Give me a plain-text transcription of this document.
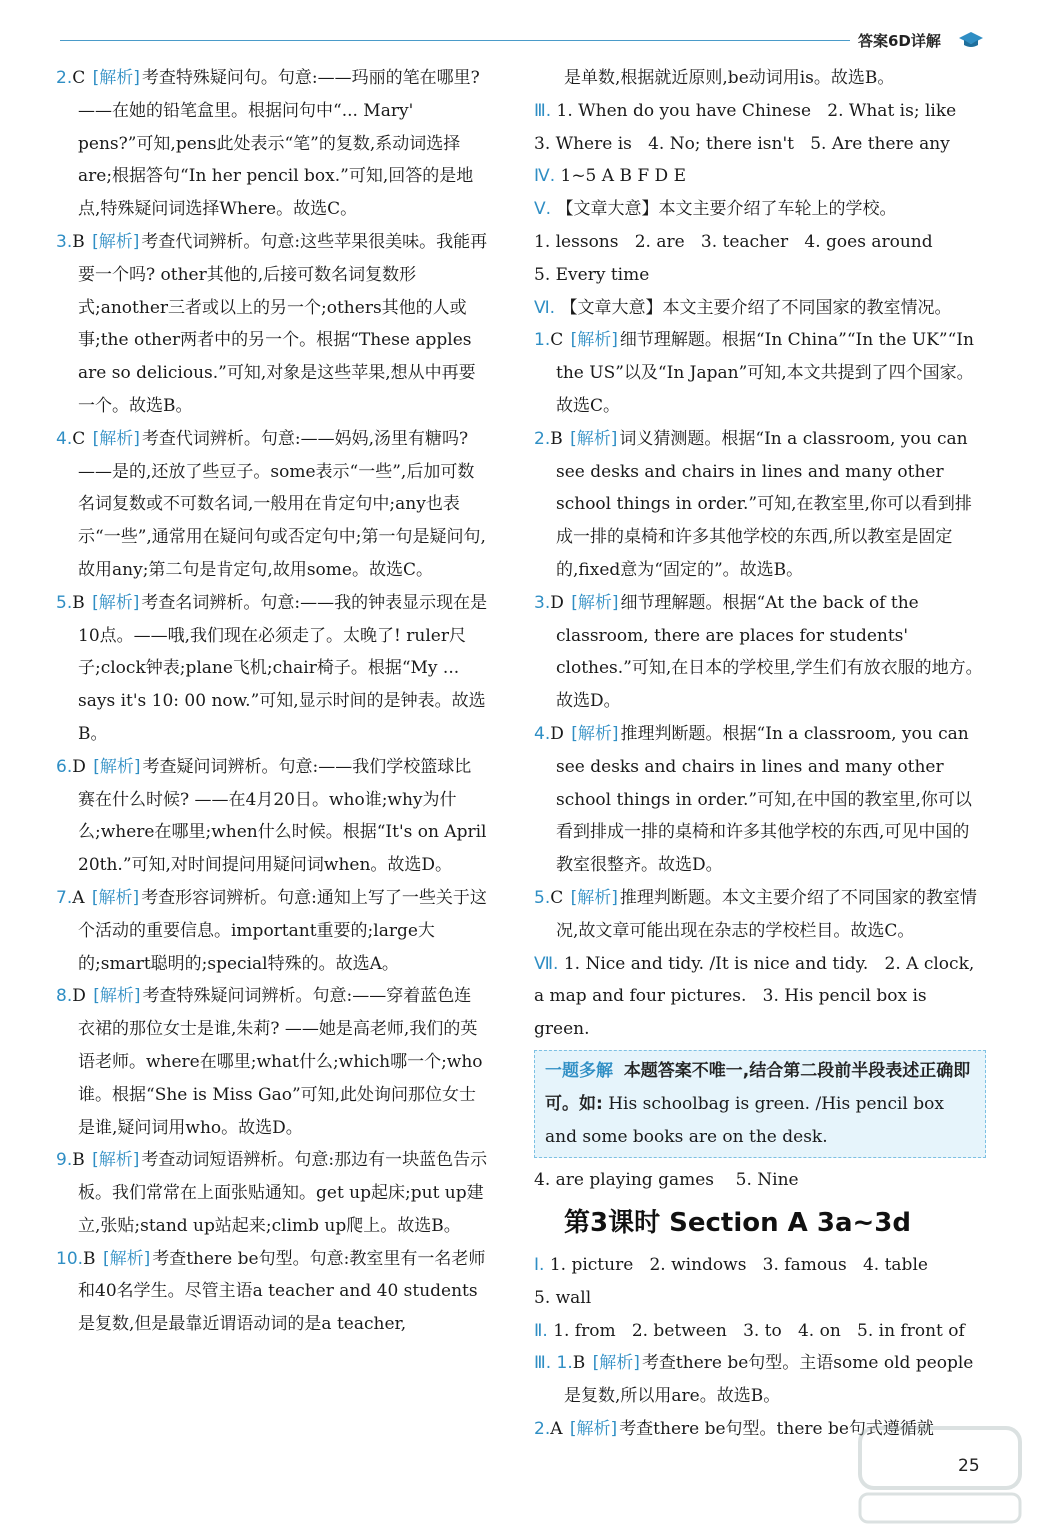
答案6D详解

2.C [解析] 考查特殊疑问句。句意:——玛丽的笔在哪里? ——在她的铅笔盒里。根据问句中“... Mary' pens?”可知,pens此处表示“笔”的复数,系动词选择are;根据答句“In her pencil box.”可知,回答的是地点,特殊疑问词选择Where。故选C。

3.B [解析] 考查代词辨析。句意:这些苹果很美味。我能再要一个吗? other其他的,后接可数名词复数形式;another三者或以上的另一个;others其他的人或事;the other两者中的另一个。根据“These apples are so delicious.”可知,对象是这些苹果,想从中再要一个。故选B。

4.C [解析] 考查代词辨析。句意:——妈妈,汤里有糖吗? ——是的,还放了些豆子。some表示“一些”,后加可数名词复数或不可数名词,一般用在肯定句中;any也表示“一些”,通常用在疑问句或否定句中;第一句是疑问句,故用any;第二句是肯定句,故用some。故选C。

5.B [解析] 考查名词辨析。句意:——我的钟表显示现在是10点。——哦,我们现在必须走了。太晚了! ruler尺子;clock钟表;plane飞机;chair椅子。根据“My ... says it's 10: 00 now.”可知,显示时间的是钟表。故选B。

6.D [解析] 考查疑问词辨析。句意:——我们学校篮球比赛在什么时候? ——在4月20日。who谁;why为什么;where在哪里;when什么时候。根据“It's on April 20th.”可知,对时间提问用疑问词when。故选D。

7.A [解析] 考查形容词辨析。句意:通知上写了一些关于这个活动的重要信息。important重要的;large大的;smart聪明的;special特殊的。故选A。

8.D [解析] 考查特殊疑问词辨析。句意:——穿着蓝色连衣裙的那位女士是谁,朱莉? ——她是高老师,我们的英语老师。where在哪里;what什么;which哪一个;who谁。根据“She is Miss Gao”可知,此处询问那位女士是谁,疑问词用who。故选D。

9.B [解析] 考查动词短语辨析。句意:那边有一块蓝色告示板。我们常常在上面张贴通知。get up起床;put up建立,张贴;stand up站起来;climb up爬上。故选B。

10.B [解析] 考查there be句型。句意:教室里有一名老师和40名学生。尽管主语a teacher and 40 students是复数,但是最靠近谓语动词的是a teacher,

是单数,根据就近原则,be动词用is。故选B。

Ⅲ. 1. When do you have Chinese 2. What is; like
3. Where is 4. No; there isn't 5. Are there any

Ⅳ. 1~5 A B F D E

Ⅴ. 【文章大意】本文主要介绍了车轮上的学校。
1. lessons 2. are 3. teacher 4. goes around
5. Every time

Ⅵ. 【文章大意】本文主要介绍了不同国家的教室情况。

1.C [解析] 细节理解题。根据“In China”“In the UK”“In the US”以及“In Japan”可知,本文共提到了四个国家。故选C。

2.B [解析] 词义猜测题。根据“In a classroom, you can see desks and chairs in lines and many other school things in order.”可知,在教室里,你可以看到排成一排的桌椅和许多其他学校的东西,所以教室是固定的,fixed意为“固定的”。故选B。

3.D [解析] 细节理解题。根据“At the back of the classroom, there are places for students' clothes.”可知,在日本的学校里,学生们有放衣服的地方。故选D。

4.D [解析] 推理判断题。根据“In a classroom, you can see desks and chairs in lines and many other school things in order.”可知,在中国的教室里,你可以看到排成一排的桌椅和许多其他学校的东西,可见中国的教室很整齐。故选D。

5.C [解析] 推理判断题。本文主要介绍了不同国家的教室情况,故文章可能出现在杂志的学校栏目。故选C。

Ⅶ. 1. Nice and tidy. /It is nice and tidy. 2. A clock, a map and four pictures. 3. His pencil box is green.

一题多解 本题答案不唯一,结合第二段前半段表述正确即可。如: His schoolbag is green. /His pencil box and some books are on the desk.

4. are playing games 5. Nine

第3课时 Section A 3a~3d

Ⅰ. 1. picture 2. windows 3. famous 4. table
5. wall

Ⅱ. 1. from 2. between 3. to 4. on 5. in front of

Ⅲ. 1.B [解析] 考查there be句型。主语some old people是复数,所以用are。故选B。

2.A [解析] 考查there be句型。there be句式遵循就

25
